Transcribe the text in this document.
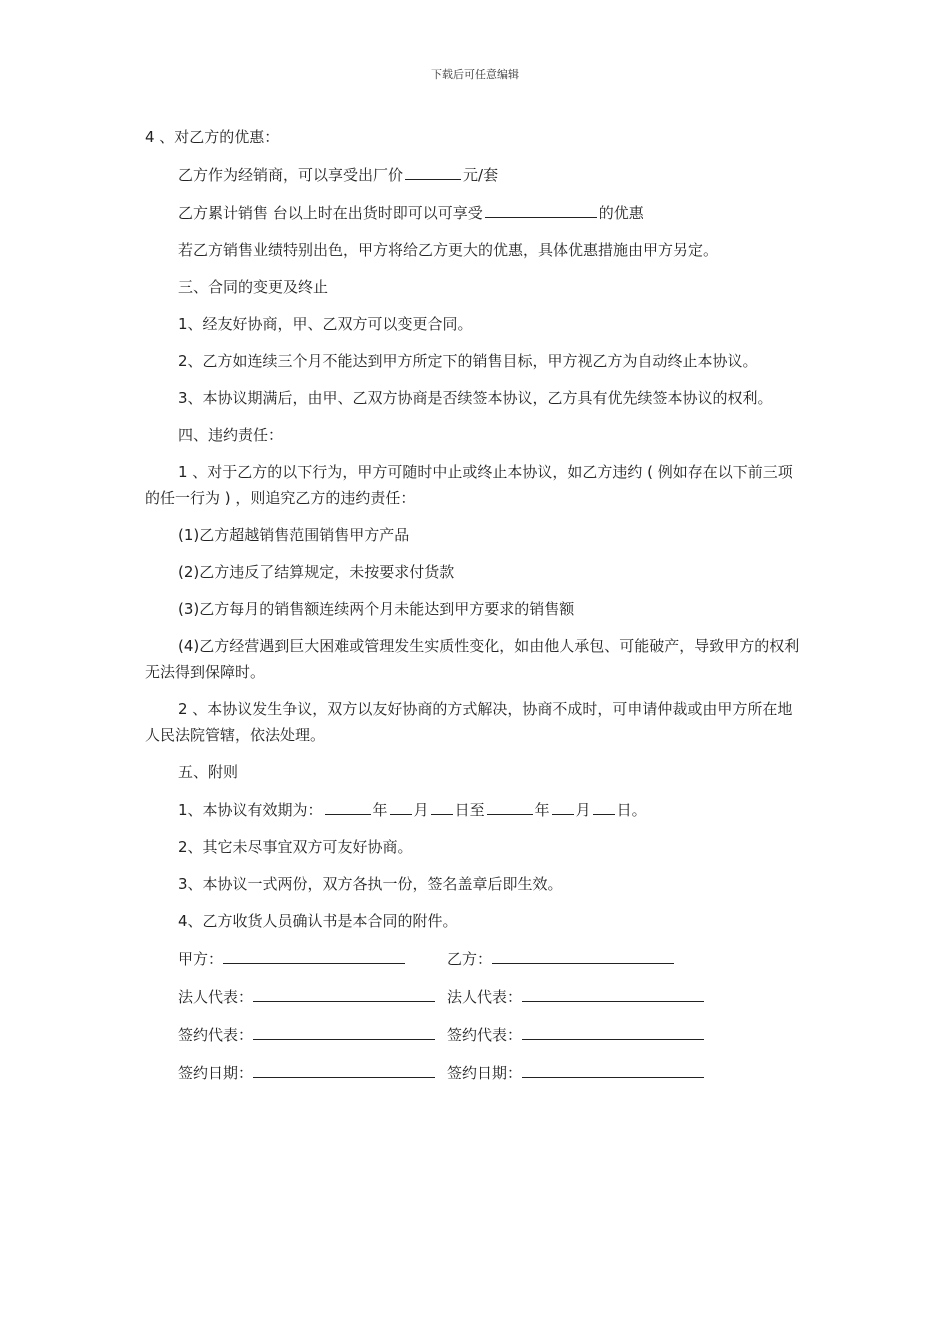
下载后可任意编辑

4 、对乙方的优惠：

乙方作为经销商，可以享受出厂价	元/套

乙方累计销售 台以上时在出货时即可以可享受	的优惠

若乙方销售业绩特别出色，甲方将给乙方更大的优惠，具体优惠措施由甲方另定。

三、合同的变更及终止

1、经友好协商，甲、乙双方可以变更合同。

2、乙方如连续三个月不能达到甲方所定下的销售目标，甲方视乙方为自动终止本协议。

3、本协议期满后，由甲、乙双方协商是否续签本协议，乙方具有优先续签本协议的权利。

四、违约责任：

1 、对于乙方的以下行为，甲方可随时中止或终止本协议，如乙方违约 ( 例如存在以下前三项的任一行为 ) ，则追究乙方的违约责任：

(1)乙方超越销售范围销售甲方产品

(2)乙方违反了结算规定，未按要求付货款

(3)乙方每月的销售额连续两个月未能达到甲方要求的销售额

(4)乙方经营遇到巨大困难或管理发生实质性变化，如由他人承包、可能破产，导致甲方的权利无法得到保障时。

2 、本协议发生争议，双方以友好协商的方式解决，协商不成时，可申请仲裁或由甲方所在地人民法院管辖，依法处理。

五、附则

1、本协议有效期为：	年 月 日至	年 月 日。

2、其它未尽事宜双方可友好协商。

3、本协议一式两份，双方各执一份，签名盖章后即生效。

4、乙方收货人员确认书是本合同的附件。

甲方：	乙方：
法人代表：	法人代表：
签约代表：	签约代表：
签约日期：	签约日期：
